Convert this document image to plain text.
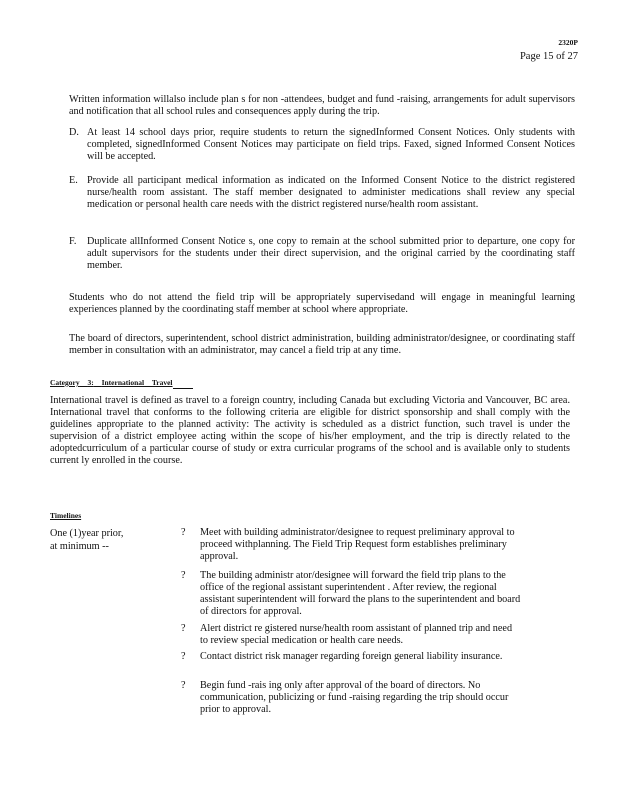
2320P
Page 15 of 27
Written information willalso include plan s for non -attendees, budget and fund -raising, arrangements for adult supervisors and notification that all school rules and consequences apply during the trip.
D. At least 14 school days prior, require students to return the signedInformed Consent Notices. Only students with completed, signedInformed Consent Notices may participate on field trips. Faxed, signed Informed Consent Notices will be accepted.
E. Provide all participant medical information as indicated on the Informed Consent Notice to the district registered nurse/health room assistant. The staff member designated to administer medications shall review any special medication or personal health care needs with the district registered nurse/health room assistant.
F.	Duplicate allInformed Consent Notice s, one copy to remain at the school submitted prior to departure, one copy for adult supervisors for the students under their direct supervision, and the original carried by the coordinating staff member.
Students who do not attend the field trip will be appropriately supervisedand will engage in meaningful learning experiences planned by the coordinating staff member at school where appropriate.
The board of directors, superintendent, school district administration, building administrator/designee, or coordinating staff member in consultation with an administrator, may cancel a field trip at any time.
Category 3: International Travel
International travel is defined as travel to a foreign country, including Canada but excluding Victoria and Vancouver, BC area. International travel that conforms to the following criteria are eligible for district sponsorship and shall comply with the guidelines appropriate to the planned activity: The activity is scheduled as a district function, such travel is under the supervision of a district employee acting within the scope of his/her employment, and the trip is directly related to the adoptedcurriculum of a particular course of study or extra curricular programs of the school and is available only to students current ly enrolled in the course.
Timelines
One (1)year prior,
at minimum --
?	Meet with building administrator/designee to request preliminary approval to proceed withplanning. The Field Trip Request form establishes preliminary approval.
?	The building administr ator/designee will forward the field trip plans to the office of the regional assistant superintendent . After review, the regional assistant superintendent will forward the plans to the superintendent and board of directors for approval.
?	Alert district re gistered nurse/health room assistant of planned trip and need to review special medication or health care needs.
?	Contact district risk manager regarding foreign general liability insurance.
?	Begin fund -rais ing only after approval of the board of directors. No communication, publicizing or fund -raising regarding the trip should occur prior to approval.
